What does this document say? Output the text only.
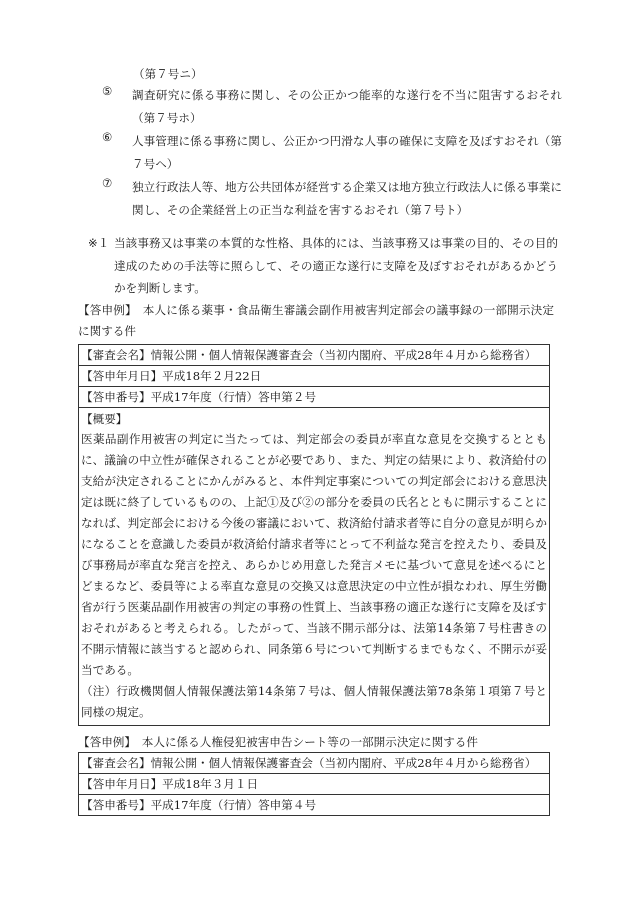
（第７号ニ）
⑤ 調査研究に係る事務に関し、その公正かつ能率的な遂行を不当に阻害するおそれ（第７号ホ）
⑥ 人事管理に係る事務に関し、公正かつ円滑な人事の確保に支障を及ぼすおそれ（第７号ヘ）
⑦ 独立行政法人等、地方公共団体が経営する企業又は地方独立行政法人に係る事業に関し、その企業経営上の正当な利益を害するおそれ（第７号ト）
※１ 当該事務又は事業の本質的な性格、具体的には、当該事務又は事業の目的、その目的達成のための手法等に照らして、その適正な遂行に支障を及ぼすおそれがあるかどうかを判断します。
【答申例】　本人に係る薬事・食品衛生審議会副作用被害判定部会の議事録の一部開示決定に関する件
【審査会名】情報公開・個人情報保護審査会（当初内閣府、平成28年４月から総務省）
【答申年月日】平成18年２月22日
【答申番号】平成17年度（行情）答申第２号
【概要】
医薬品副作用被害の判定に当たっては、判定部会の委員が率直な意見を交換するとともに、議論の中立性が確保されることが必要であり、また、判定の結果により、救済給付の支給が決定されることにかんがみると、本件判定事案についての判定部会における意思決定は既に終了しているものの、上記①及び②の部分を委員の氏名とともに開示することになれば、判定部会における今後の審議において、救済給付請求者等に自分の意見が明らかになることを意識した委員が救済給付請求者等にとって不利益な発言を控えたり、委員及び事務局が率直な発言を控え、あらかじめ用意した発言メモに基づいて意見を述べるにとどまるなど、委員等による率直な意見の交換又は意思決定の中立性が損なわれ、厚生労働省が行う医薬品副作用被害の判定の事務の性質上、当該事務の適正な遂行に支障を及ぼすおそれがあると考えられる。したがって、当該不開示部分は、法第14条第７号柱書きの不開示情報に該当すると認められ、同条第６号について判断するまでもなく、不開示が妥当である。
（注）行政機関個人情報保護法第14条第７号は、個人情報保護法第78条第１項第７号と同様の規定。
【答申例】　本人に係る人権侵犯被害申告シート等の一部開示決定に関する件
【審査会名】情報公開・個人情報保護審査会（当初内閣府、平成28年４月から総務省）
【答申年月日】平成18年３月１日
【答申番号】平成17年度（行情）答申第４号
